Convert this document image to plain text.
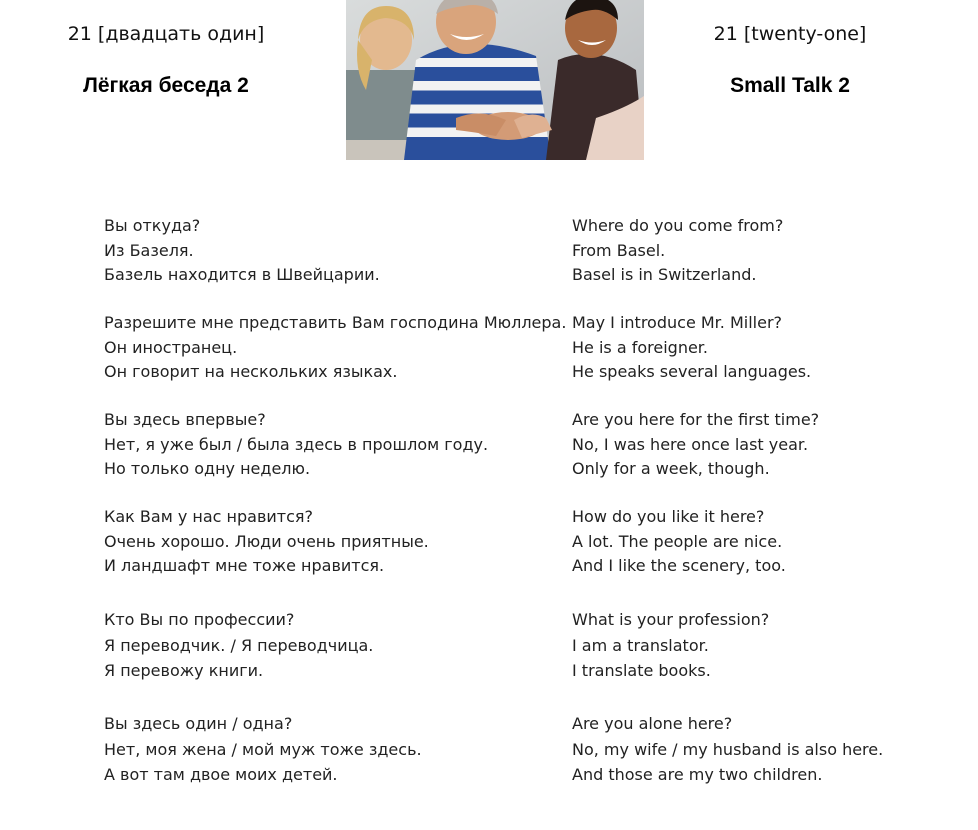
21 [двадцать один]
Лёгкая беседа 2
21 [twenty-one]
Small Talk 2
Вы откуда?
Из Базеля.
Базель находится в Швейцарии.
Разрешите мне представить Вам господина Мюллера.
Он иностранец.
Он говорит на нескольких языках.
Вы здесь впервые?
Нет, я уже был / была здесь в прошлом году.
Но только одну неделю.
Как Вам у нас нравится?
Очень хорошо. Люди очень приятные.
И ландшафт мне тоже нравится.
Кто Вы по профессии?
Я переводчик. / Я переводчица.
Я перевожу книги.
Вы здесь один / одна?
Нет, моя жена / мой муж тоже здесь.
А вот там двое моих детей.
Where do you come from?
From Basel.
Basel is in Switzerland.
May I introduce Mr. Miller?
He is a foreigner.
He speaks several languages.
Are you here for the first time?
No, I was here once last year.
Only for a week, though.
How do you like it here?
A lot. The people are nice.
And I like the scenery, too.
What is your profession?
I am a translator.
I translate books.
Are you alone here?
No, my wife / my husband is also here.
And those are my two children.
